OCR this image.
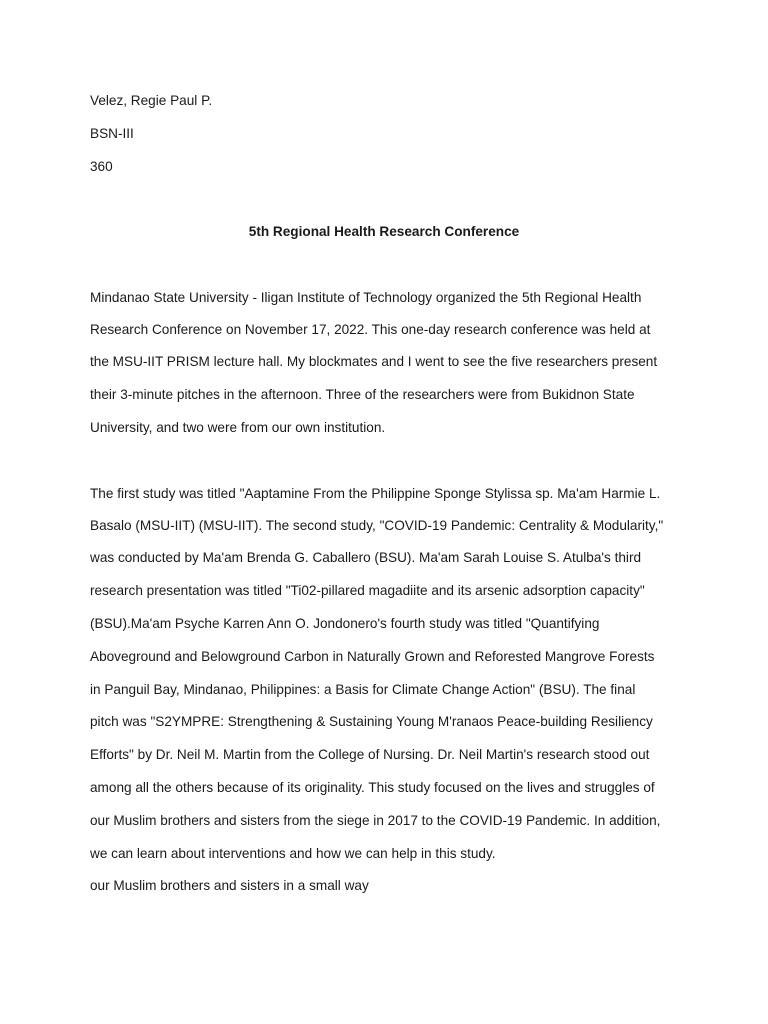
Velez, Regie Paul P.
BSN-III
360
5th Regional Health Research Conference
Mindanao State University - Iligan Institute of Technology organized the 5th Regional Health
Research Conference on November 17, 2022. This one-day research conference was held at
the MSU-IIT PRISM lecture hall. My blockmates and I went to see the five researchers present
their 3-minute pitches in the afternoon. Three of the researchers were from Bukidnon State
University, and two were from our own institution.
The first study was titled "Aaptamine From the Philippine Sponge Stylissa sp. Ma'am Harmie L.
Basalo (MSU-IIT) (MSU-IIT). The second study, "COVID-19 Pandemic: Centrality & Modularity,"
was conducted by Ma'am Brenda G. Caballero (BSU). Ma'am Sarah Louise S. Atulba's third
research presentation was titled "Ti02-pillared magadiite and its arsenic adsorption capacity"
(BSU).Ma'am Psyche Karren Ann O. Jondonero's fourth study was titled "Quantifying
Aboveground and Belowground Carbon in Naturally Grown and Reforested Mangrove Forests
in Panguil Bay, Mindanao, Philippines: a Basis for Climate Change Action" (BSU). The final
pitch was "S2YMPRE: Strengthening & Sustaining Young M'ranaos Peace-building Resiliency
Efforts" by Dr. Neil M. Martin from the College of Nursing. Dr. Neil Martin's research stood out
among all the others because of its originality. This study focused on the lives and struggles of
our Muslim brothers and sisters from the siege in 2017 to the COVID-19 Pandemic. In addition,
we can learn about interventions and how we can help in this study.
our Muslim brothers and sisters in a small way
